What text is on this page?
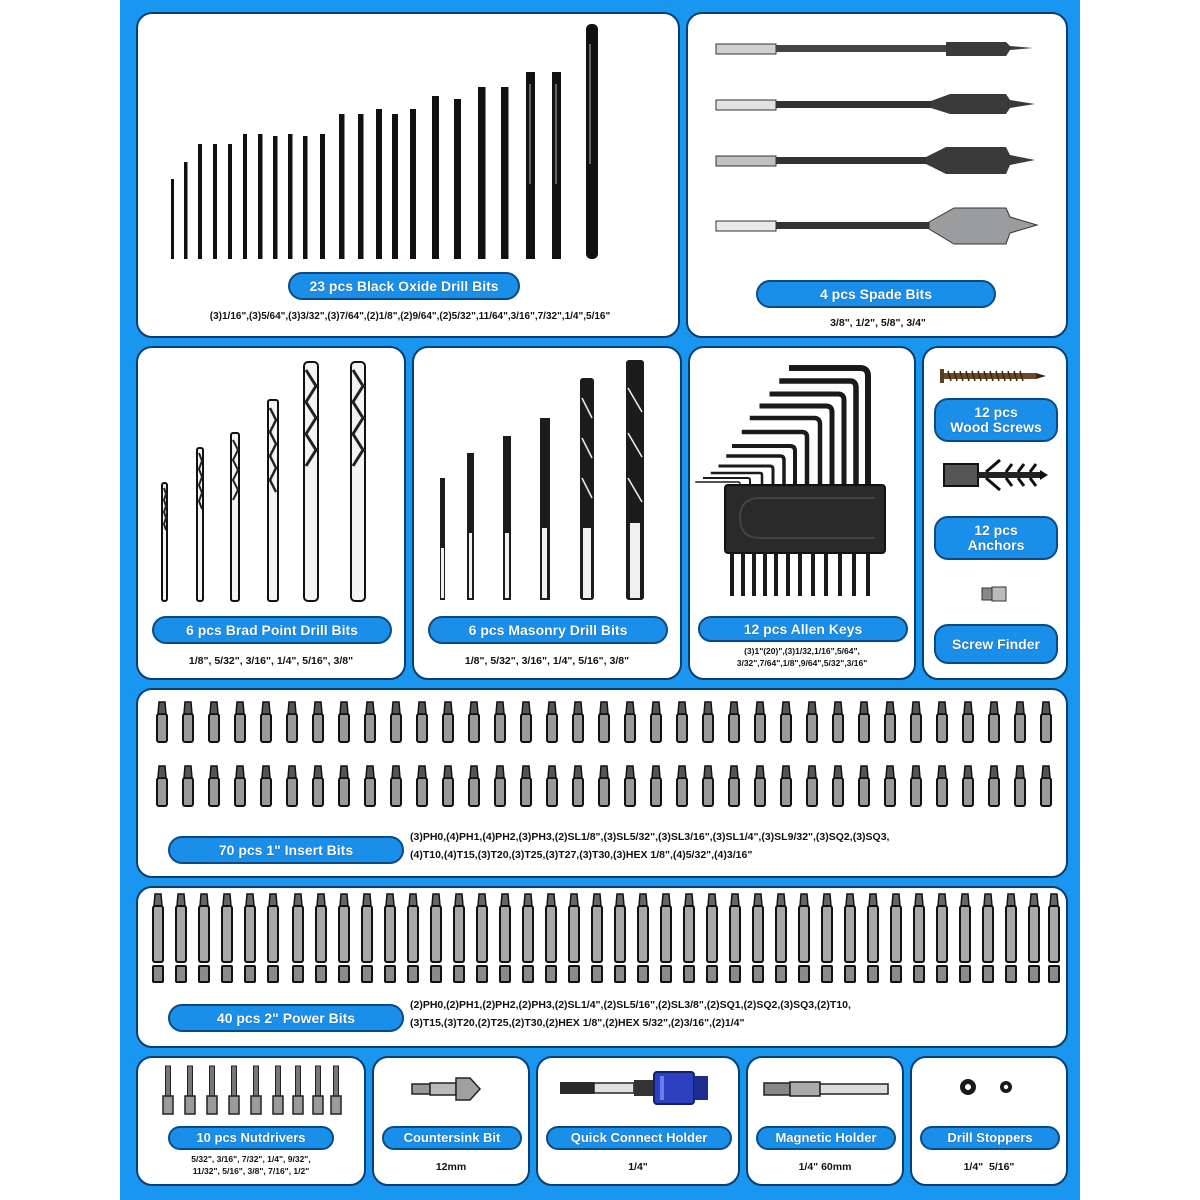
23 pcs Black Oxide Drill Bits
(3)1/16",(3)5/64",(3)3/32",(3)7/64",(2)1/8",(2)9/64",(2)5/32",11/64",3/16",7/32",1/4",5/16"
4 pcs Spade Bits
3/8", 1/2", 5/8", 3/4"
6 pcs Brad Point Drill Bits
1/8", 5/32", 3/16", 1/4", 5/16", 3/8"
6 pcs Masonry Drill Bits
1/8", 5/32", 3/16", 1/4", 5/16", 3/8"
12 pcs Allen Keys
(3)1"(20)",(3)1/32,1/16",5/64",
3/32",7/64",1/8",9/64",5/32",3/16"
12 pcs
Wood Screws
12 pcs
Anchors
Screw Finder
70 pcs 1" Insert Bits
(3)PH0,(4)PH1,(4)PH2,(3)PH3,(2)SL1/8",(3)SL5/32",(3)SL3/16",(3)SL1/4",(3)SL9/32",(3)SQ2,(3)SQ3,
(4)T10,(4)T15,(3)T20,(3)T25,(3)T27,(3)T30,(3)HEX 1/8",(4)5/32",(4)3/16"
40 pcs 2" Power Bits
(2)PH0,(2)PH1,(2)PH2,(2)PH3,(2)SL1/4",(2)SL5/16",(2)SL3/8",(2)SQ1,(2)SQ2,(3)SQ3,(2)T10,
(3)T15,(3)T20,(2)T25,(2)T30,(2)HEX 1/8",(2)HEX 5/32",(2)3/16",(2)1/4"
10 pcs Nutdrivers
5/32", 3/16", 7/32", 1/4", 9/32",
11/32", 5/16", 3/8", 7/16", 1/2"
Countersink Bit
12mm
Quick Connect Holder
1/4"
Magnetic Holder
1/4" 60mm
Drill Stoppers
1/4"  5/16"
